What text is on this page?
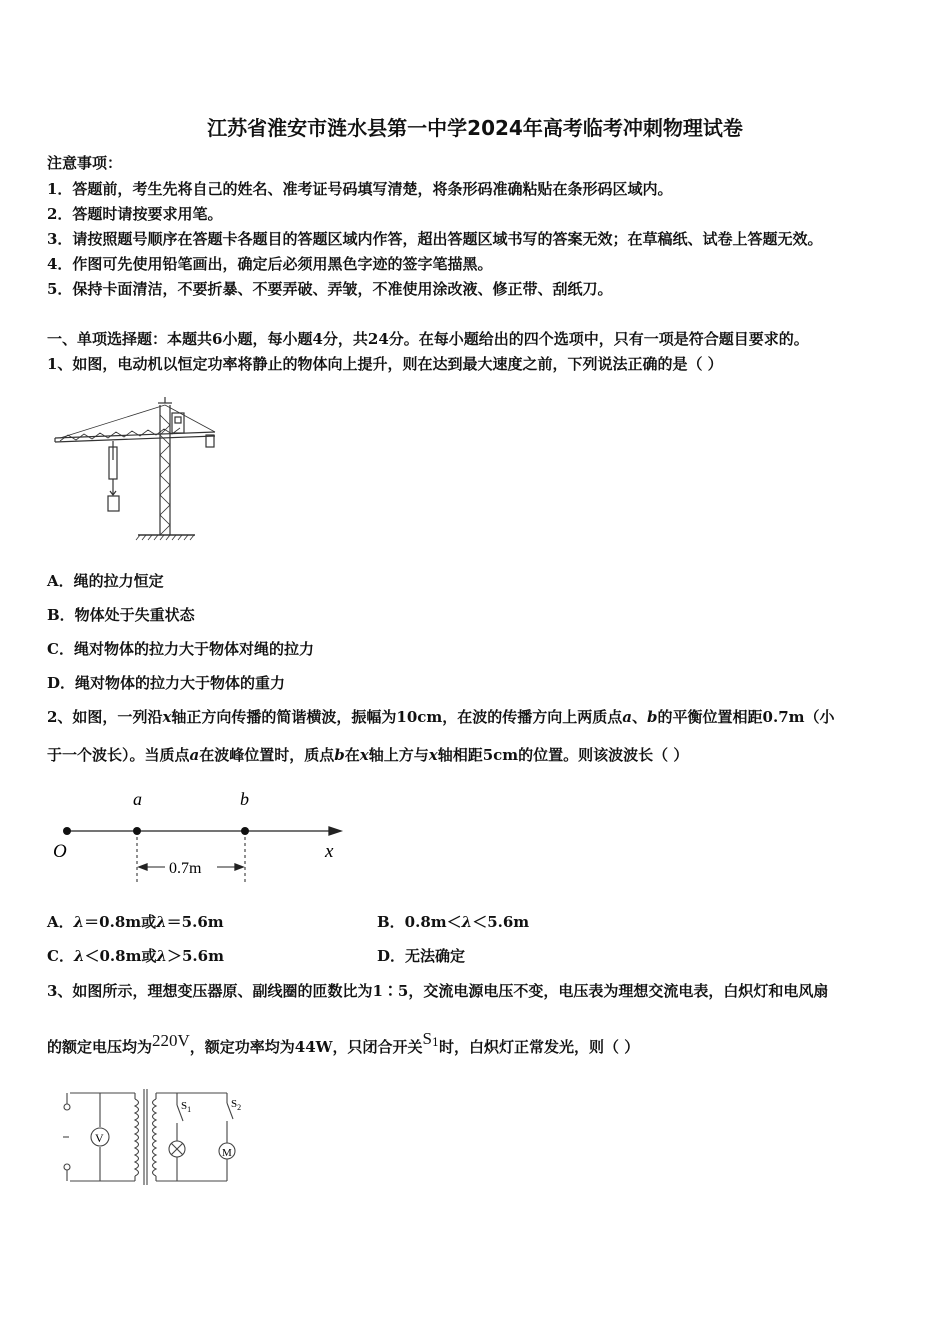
江苏省淮安市涟水县第一中学2024年高考临考冲刺物理试卷
注意事项：
1．答题前，考生先将自己的姓名、准考证号码填写清楚，将条形码准确粘贴在条形码区域内。
2．答题时请按要求用笔。
3．请按照题号顺序在答题卡各题目的答题区域内作答，超出答题区域书写的答案无效；在草稿纸、试卷上答题无效。
4．作图可先使用铅笔画出，确定后必须用黑色字迹的签字笔描黑。
5．保持卡面清洁，不要折暴、不要弄破、弄皱，不准使用涂改液、修正带、刮纸刀。
一、单项选择题：本题共6小题，每小题4分，共24分。在每小题给出的四个选项中，只有一项是符合题目要求的。
1、如图，电动机以恒定功率将静止的物体向上提升，则在达到最大速度之前，下列说法正确的是（ ）
A．绳的拉力恒定
B．物体处于失重状态
C．绳对物体的拉力大于物体对绳的拉力
D．绳对物体的拉力大于物体的重力
2、如图，一列沿x轴正方向传播的简谐横波，振幅为10cm，在波的传播方向上两质点a、b的平衡位置相距0.7m（小
于一个波长）。当质点a在波峰位置时，质点b在x轴上方与x轴相距5cm的位置。则该波波长（ ）
a	b
O	x
0.7m
A．λ＝0.8m或λ＝5.6m	B．0.8m＜λ＜5.6m
C．λ＜0.8m或λ＞5.6m	D．无法确定
3、如图所示，理想变压器原、副线圈的匝数比为1∶5，交流电源电压不变，电压表为理想交流电表，白炽灯和电风扇
的额定电压均为220V，额定功率均为44W，只闭合开关$S_1$时，白炽灯正常发光，则（ ）
V
M
$S_1$	$S_2$
